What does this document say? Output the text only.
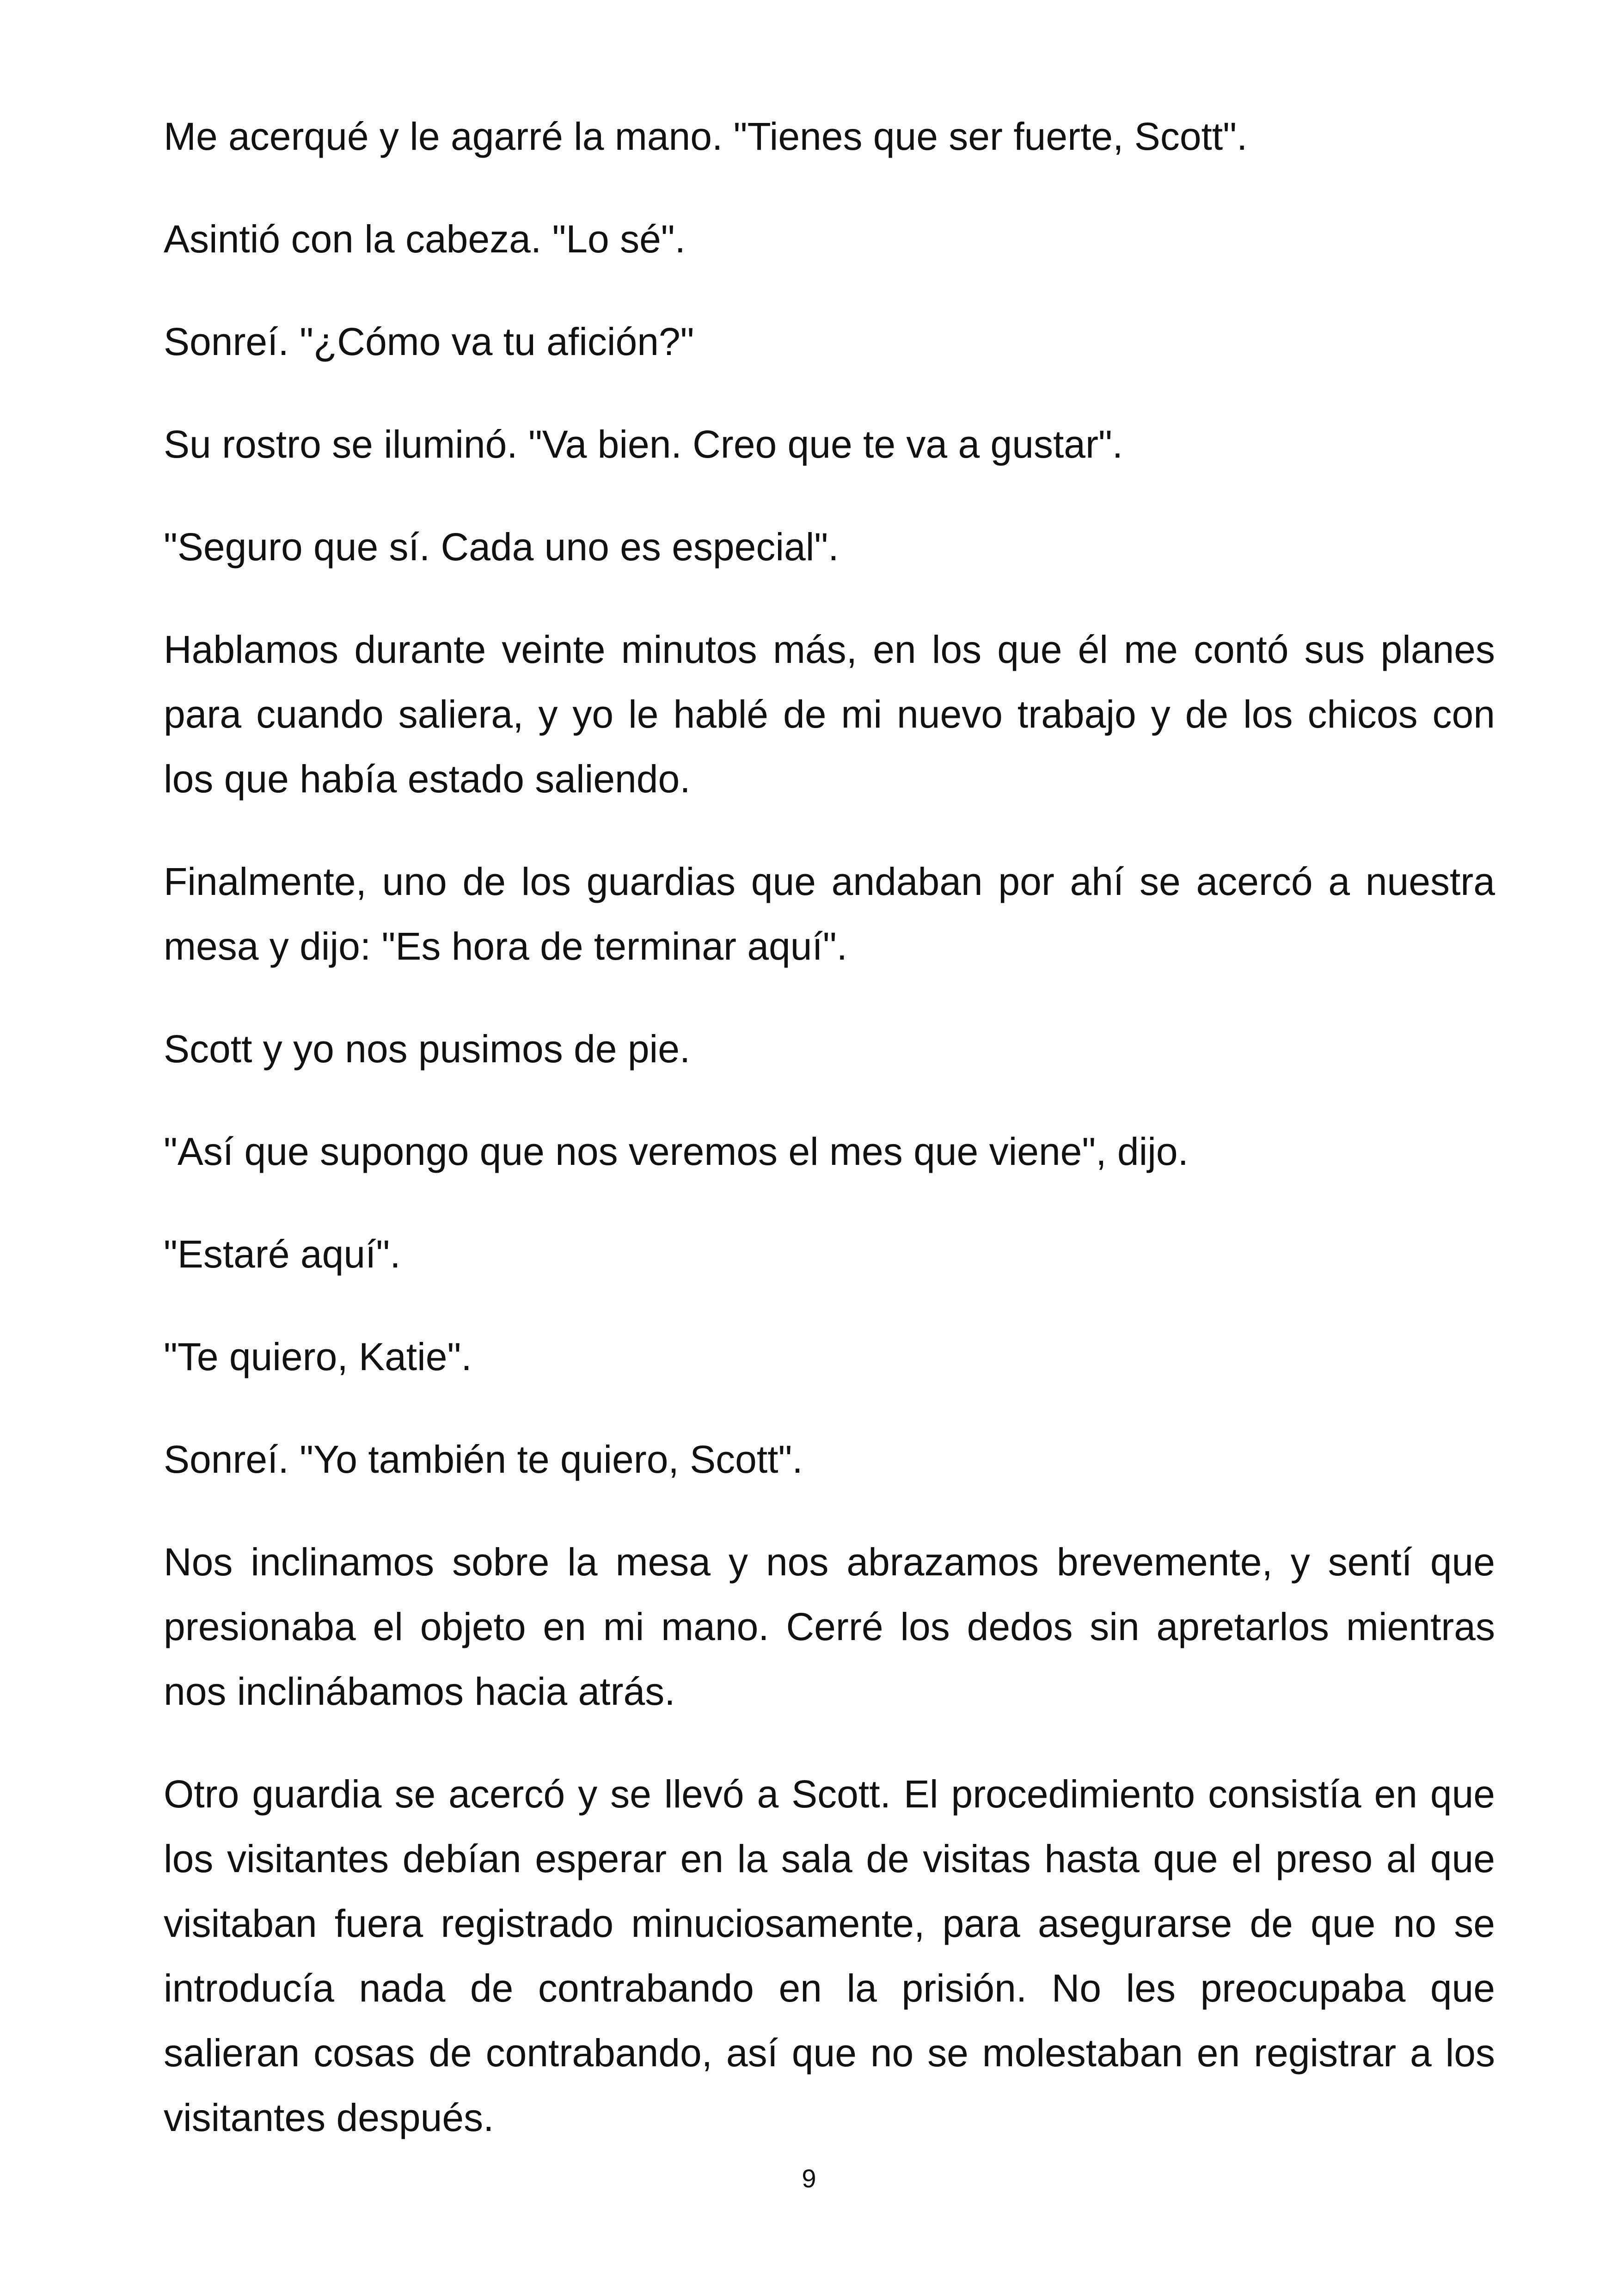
Me acerqué y le agarré la mano. "Tienes que ser fuerte, Scott".

Asintió con la cabeza. "Lo sé".

Sonreí. "¿Cómo va tu afición?"

Su rostro se iluminó. "Va bien. Creo que te va a gustar".

"Seguro que sí. Cada uno es especial".

Hablamos durante veinte minutos más, en los que él me contó sus planes para cuando saliera, y yo le hablé de mi nuevo trabajo y de los chicos con los que había estado saliendo.

Finalmente, uno de los guardias que andaban por ahí se acercó a nuestra mesa y dijo: "Es hora de terminar aquí".

Scott y yo nos pusimos de pie.

"Así que supongo que nos veremos el mes que viene", dijo.

"Estaré aquí".

"Te quiero, Katie".

Sonreí. "Yo también te quiero, Scott".

Nos inclinamos sobre la mesa y nos abrazamos brevemente, y sentí que presionaba el objeto en mi mano. Cerré los dedos sin apretarlos mientras nos inclinábamos hacia atrás.

Otro guardia se acercó y se llevó a Scott. El procedimiento consistía en que los visitantes debían esperar en la sala de visitas hasta que el preso al que visitaban fuera registrado minuciosamente, para asegurarse de que no se introducía nada de contrabando en la prisión. No les preocupaba que salieran cosas de contrabando, así que no se molestaban en registrar a los visitantes después.

9
